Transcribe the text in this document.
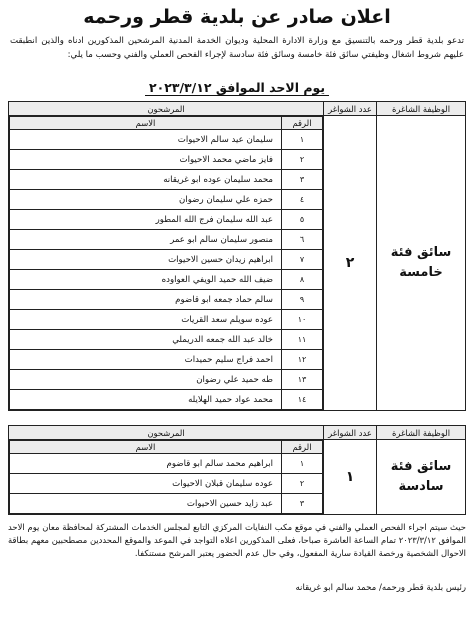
اعلان صادر عن بلدية قطر ورحمه
تدعو بلدية قطر ورحمه بالتنسيق مع وزارة الادارة المحلية وديوان الخدمة المدنية المرشحين المذكورين ادناه والذين انطبقت عليهم شروط اشغال وظيفتي سائق فئة خامسة وسائق فئة سادسة لإجراء الفحص العملي والفني وحسب ما يلي:
يوم الاحد الموافق ٢٠٢٣/٣/١٢
الوظيفة الشاغرة	عدد الشواغر	المرشحون
سائق فئة خامسة	٢	
الرقم	الاسم
١	سليمان عيد سالم الاحيوات
٢	فايز ماضي محمد الاحيوات
٣	محمد سليمان عوده ابو غريقانه
٤	حمزه علي سليمان رضوان
٥	عبد الله سليمان فرج الله المطور
٦	منصور سليمان سالم ابو عمر
٧	ابراهيم زيدان حسين الاحيوات
٨	ضيف الله حميد الويفي العواوده
٩	سالم حماد جمعه ابو قاضوم
١٠	عوده سويلم سعد القريات
١١	خالد عبد الله جمعه الدريملي
١٢	احمد فراج سليم حميدات
١٣	طه حميد علي رضوان
١٤	محمد عواد حميد الهلايله
الوظيفة الشاغرة	عدد الشواغر	المرشحون
سائق فئة سادسة	١	
الرقم	الاسم
١	ابراهيم محمد سالم ابو قاضوم
٢	عوده سليمان قبلان الاحيوات
٣	عبد زايد حسين الاحيوات
حيث سيتم اجراء الفحص العملي والفني في موقع مكب النفايات المركزي التابع لمجلس الخدمات المشتركة لمحافظة معان يوم الاحد الموافق ٢٠٢٣/٣/١٢ تمام الساعة العاشرة صباحا، فعلى المذكورين اعلاه التواجد في الموعد والموقع المحددين مصطحبين معهم بطاقة الاحوال الشخصية ورخصة القيادة سارية المفعول، وفي حال عدم الحضور يعتبر المرشح مستنكفا.
رئيس بلدية قطر ورحمه/ محمد سالم ابو غريقانه
